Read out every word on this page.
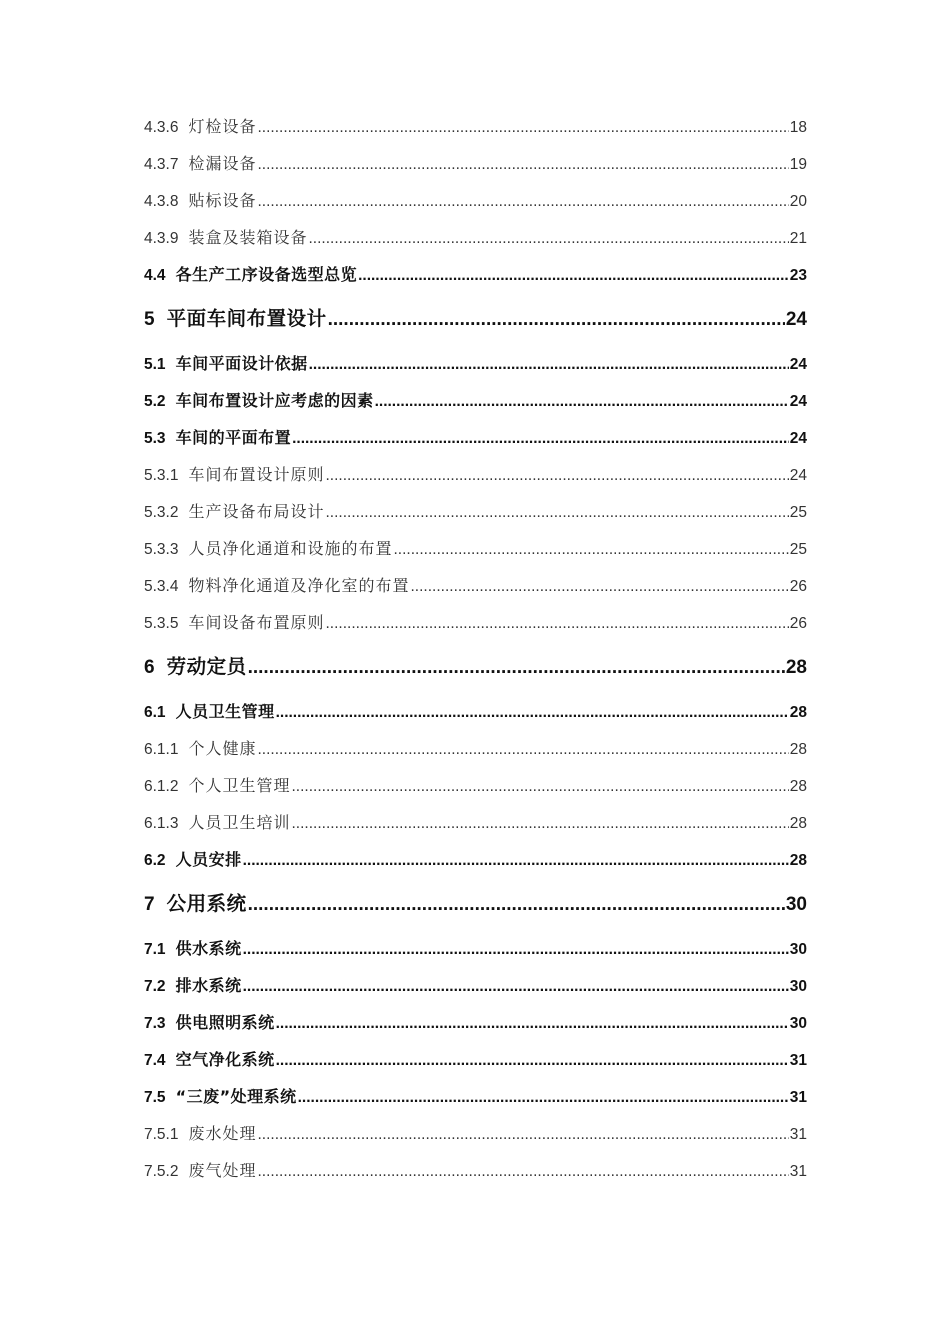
4.3.6 灯检设备 .....	18
4.3.7 检漏设备 .....	19
4.3.8 贴标设备 .....	20
4.3.9 装盒及装箱设备 .....	21
4.4 各生产工序设备选型总览 .....	23
5 平面车间布置设计 .....	24
5.1 车间平面设计依据 .....	24
5.2 车间布置设计应考虑的因素 .....	24
5.3 车间的平面布置 .....	24
5.3.1 车间布置设计原则 .....	24
5.3.2 生产设备布局设计 .....	25
5.3.3 人员净化通道和设施的布置 .....	25
5.3.4 物料净化通道及净化室的布置 .....	26
5.3.5 车间设备布置原则 .....	26
6 劳动定员 .....	28
6.1 人员卫生管理 .....	28
6.1.1 个人健康 .....	28
6.1.2 个人卫生管理 .....	28
6.1.3 人员卫生培训 .....	28
6.2 人员安排 .....	28
7 公用系统 .....	30
7.1 供水系统 .....	30
7.2 排水系统 .....	30
7.3 供电照明系统 .....	30
7.4 空气净化系统 .....	31
7.5 “三废”处理系统 .....	31
7.5.1 废水处理 .....	31
7.5.2 废气处理 .....	31
